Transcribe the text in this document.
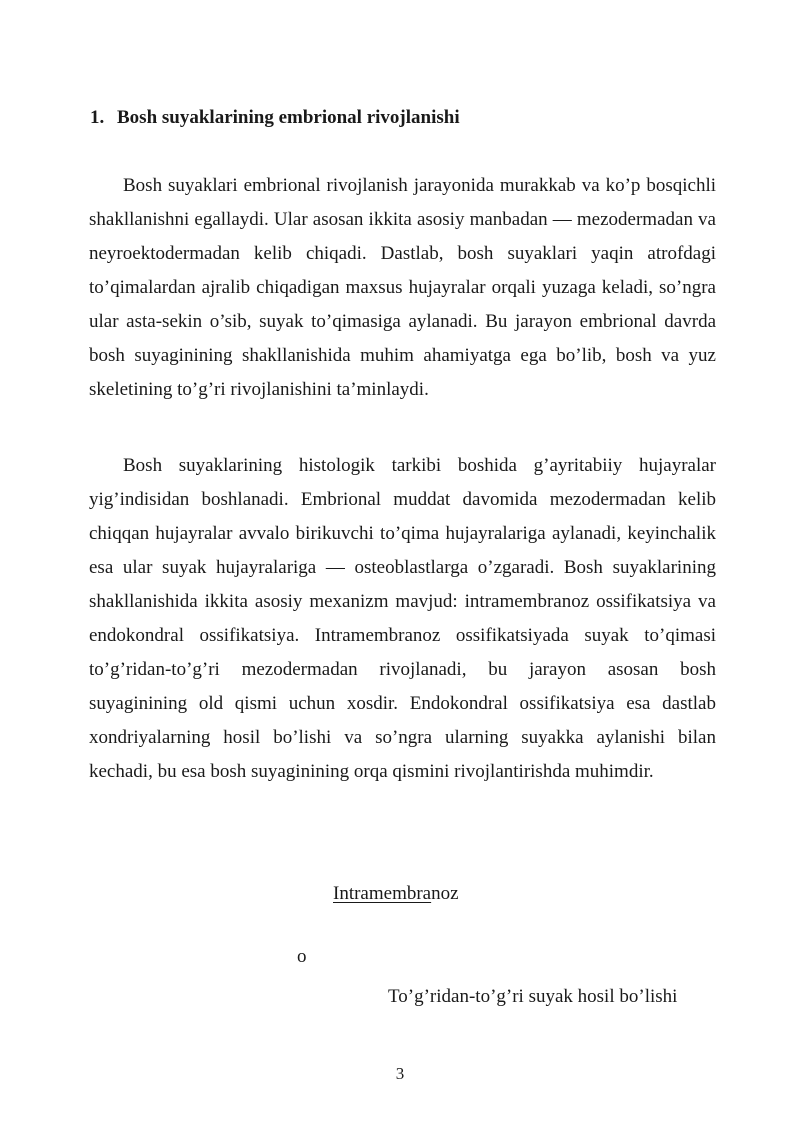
1. Bosh suyaklarining embrional rivojlanishi

Bosh suyaklari embrional rivojlanish jarayonida murakkab va ko’p bosqichli shakllanishni egallaydi. Ular asosan ikkita asosiy manbadan — mezodermadan va neyroektodermadan kelib chiqadi. Dastlab, bosh suyaklari yaqin atrofdagi to’qimalardan ajralib chiqadigan maxsus hujayralar orqali yuzaga keladi, so’ngra ular asta-sekin o’sib, suyak to’qimasiga aylanadi. Bu jarayon embrional davrda bosh suyaginining shakllanishida muhim ahamiyatga ega bo’lib, bosh va yuz skeletining to’g’ri rivojlanishini ta’minlaydi.

Bosh suyaklarining histologik tarkibi boshida g’ayritabiiy hujayralar yig’indisidan boshlanadi. Embrional muddat davomida mezodermadan kelib chiqqan hujayralar avvalo birikuvchi to’qima hujayralariga aylanadi, keyinchalik esa ular suyak hujayralariga — osteoblastlarga o’zgaradi. Bosh suyaklarining shakllanishida ikkita asosiy mexanizm mavjud: intramembranoz ossifikatsiya va endokondral ossifikatsiya. Intramembranoz ossifikatsiyada suyak to’qimasi to’g’ridan-to’g’ri mezodermadan rivojlanadi, bu jarayon asosan bosh suyaginining old qismi uchun xosdir. Endokondral ossifikatsiya esa dastlab xondriyalarning hosil bo’lishi va so’ngra ularning suyakka aylanishi bilan kechadi, bu esa bosh suyaginining orqa qismini rivojlantirishda muhimdir.

Intramembranoz
o
To’g’ridan-to’g’ri suyak hosil bo’lishi
3
